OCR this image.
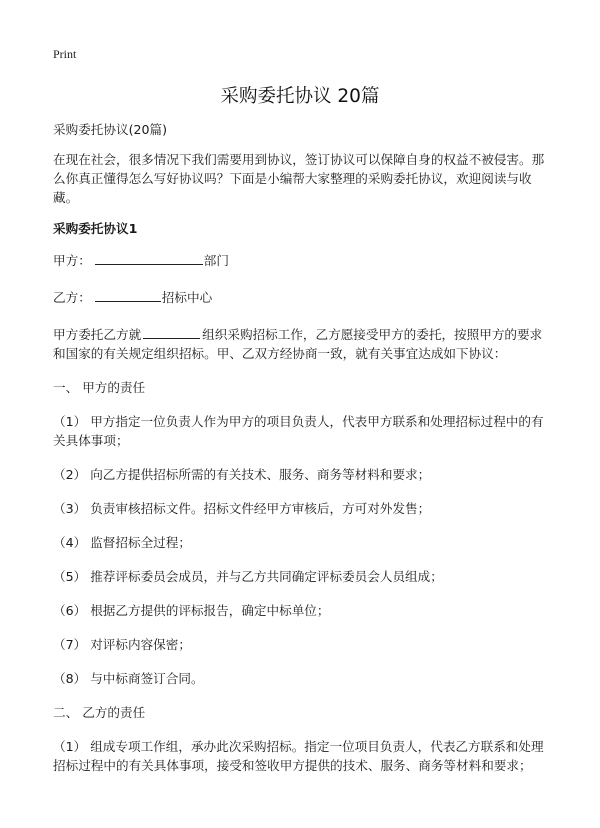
Print
采购委托协议 20篇

采购委托协议(20篇)

在现在社会，很多情况下我们需要用到协议，签订协议可以保障自身的权益不被侵害。那么你真正懂得怎么写好协议吗？下面是小编帮大家整理的采购委托协议，欢迎阅读与收藏。

采购委托协议1

甲方：	部门

乙方：	招标中心

甲方委托乙方就	组织采购招标工作，乙方愿接受甲方的委托，按照甲方的要求和国家的有关规定组织招标。甲、乙双方经协商一致，就有关事宜达成如下协议：

一、 甲方的责任

（1） 甲方指定一位负责人作为甲方的项目负责人，代表甲方联系和处理招标过程中的有关具体事项；

（2） 向乙方提供招标所需的有关技术、服务、商务等材料和要求；

（3） 负责审核招标文件。招标文件经甲方审核后，方可对外发售；

（4） 监督招标全过程；

（5） 推荐评标委员会成员，并与乙方共同确定评标委员会人员组成；

（6） 根据乙方提供的评标报告，确定中标单位；

（7） 对评标内容保密；

（8） 与中标商签订合同。

二、 乙方的责任

（1） 组成专项工作组，承办此次采购招标。指定一位项目负责人，代表乙方联系和处理招标过程中的有关具体事项，接受和签收甲方提供的技术、服务、商务等材料和要求；
